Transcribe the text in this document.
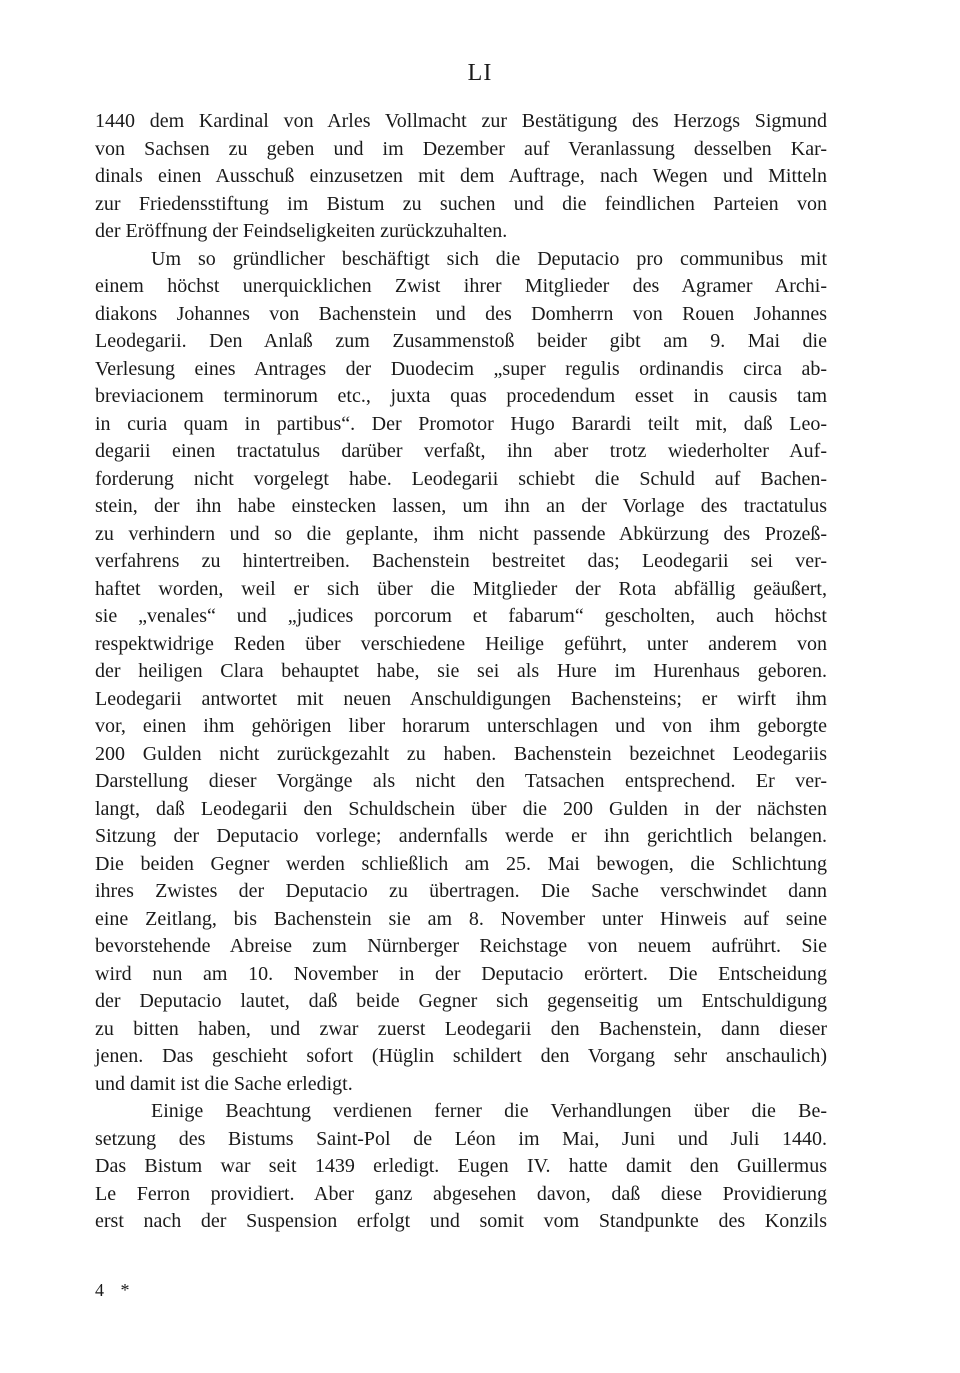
LI
1440 dem Kardinal von Arles Vollmacht zur Bestätigung des Herzogs Sigmund
von Sachsen zu geben und im Dezember auf Veranlassung desselben Kar-
dinals einen Ausschuß einzusetzen mit dem Auftrage, nach Wegen und Mitteln
zur Friedensstiftung im Bistum zu suchen und die feindlichen Parteien von
der Eröffnung der Feindseligkeiten zurückzuhalten.
Um so gründlicher beschäftigt sich die Deputacio pro communibus mit
einem höchst unerquicklichen Zwist ihrer Mitglieder des Agramer Archi-
diakons Johannes von Bachenstein und des Domherrn von Rouen Johannes
Leodegarii. Den Anlaß zum Zusammenstoß beider gibt am 9. Mai die
Verlesung eines Antrages der Duodecim „super regulis ordinandis circa ab-
breviacionem terminorum etc., juxta quas procedendum esset in causis tam
in curia quam in partibus“. Der Promotor Hugo Barardi teilt mit, daß Leo-
degarii einen tractatulus darüber verfaßt, ihn aber trotz wiederholter Auf-
forderung nicht vorgelegt habe. Leodegarii schiebt die Schuld auf Bachen-
stein, der ihn habe einstecken lassen, um ihn an der Vorlage des tractatulus
zu verhindern und so die geplante, ihm nicht passende Abkürzung des Prozeß-
verfahrens zu hintertreiben. Bachenstein bestreitet das; Leodegarii sei ver-
haftet worden, weil er sich über die Mitglieder der Rota abfällig geäußert,
sie „venales“ und „judices porcorum et fabarum“ gescholten, auch höchst
respektwidrige Reden über verschiedene Heilige geführt, unter anderem von
der heiligen Clara behauptet habe, sie sei als Hure im Hurenhaus geboren.
Leodegarii antwortet mit neuen Anschuldigungen Bachensteins; er wirft ihm
vor, einen ihm gehörigen liber horarum unterschlagen und von ihm geborgte
200 Gulden nicht zurückgezahlt zu haben. Bachenstein bezeichnet Leodegariis
Darstellung dieser Vorgänge als nicht den Tatsachen entsprechend. Er ver-
langt, daß Leodegarii den Schuldschein über die 200 Gulden in der nächsten
Sitzung der Deputacio vorlege; andernfalls werde er ihn gerichtlich belangen.
Die beiden Gegner werden schließlich am 25. Mai bewogen, die Schlichtung
ihres Zwistes der Deputacio zu übertragen. Die Sache verschwindet dann
eine Zeitlang, bis Bachenstein sie am 8. November unter Hinweis auf seine
bevorstehende Abreise zum Nürnberger Reichstage von neuem aufrührt. Sie
wird nun am 10. November in der Deputacio erörtert. Die Entscheidung
der Deputacio lautet, daß beide Gegner sich gegenseitig um Entschuldigung
zu bitten haben, und zwar zuerst Leodegarii den Bachenstein, dann dieser
jenen. Das geschieht sofort (Hüglin schildert den Vorgang sehr anschaulich)
und damit ist die Sache erledigt.
Einige Beachtung verdienen ferner die Verhandlungen über die Be-
setzung des Bistums Saint-Pol de Léon im Mai, Juni und Juli 1440.
Das Bistum war seit 1439 erledigt. Eugen IV. hatte damit den Guillermus
Le Ferron providiert. Aber ganz abgesehen davon, daß diese Providierung
erst nach der Suspension erfolgt und somit vom Standpunkte des Konzils
4 *
